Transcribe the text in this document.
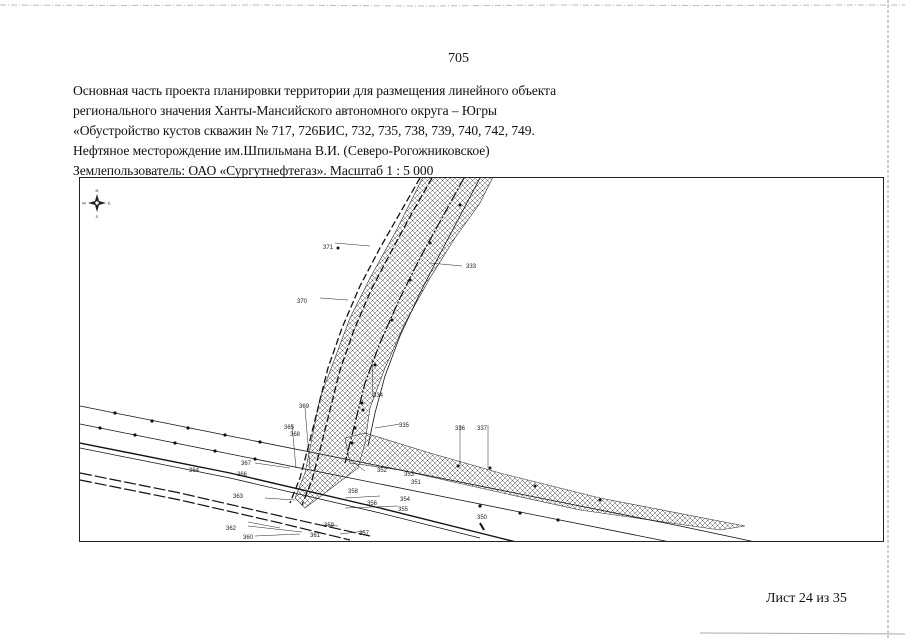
705
Основная часть проекта планировки территории для размещения линейного объекта
регионального значения Ханты-Мансийского автономного округа – Югры
«Обустройство кустов скважин № 717, 726БИС, 732, 735, 738, 739, 740, 742, 749.
Нефтяное месторождение им.Шпильмана В.И. (Северо-Рогожниковское)
Землепользователь: ОАО «Сургутнефтегаз». Масштаб 1 : 5 000
N
S
W	E
371
333
370
334
369
335	336 337
365
368
367
366
364	352
353
351
363
358
356
354
355
350
362	359
360	361	357
Лист 24 из 35
